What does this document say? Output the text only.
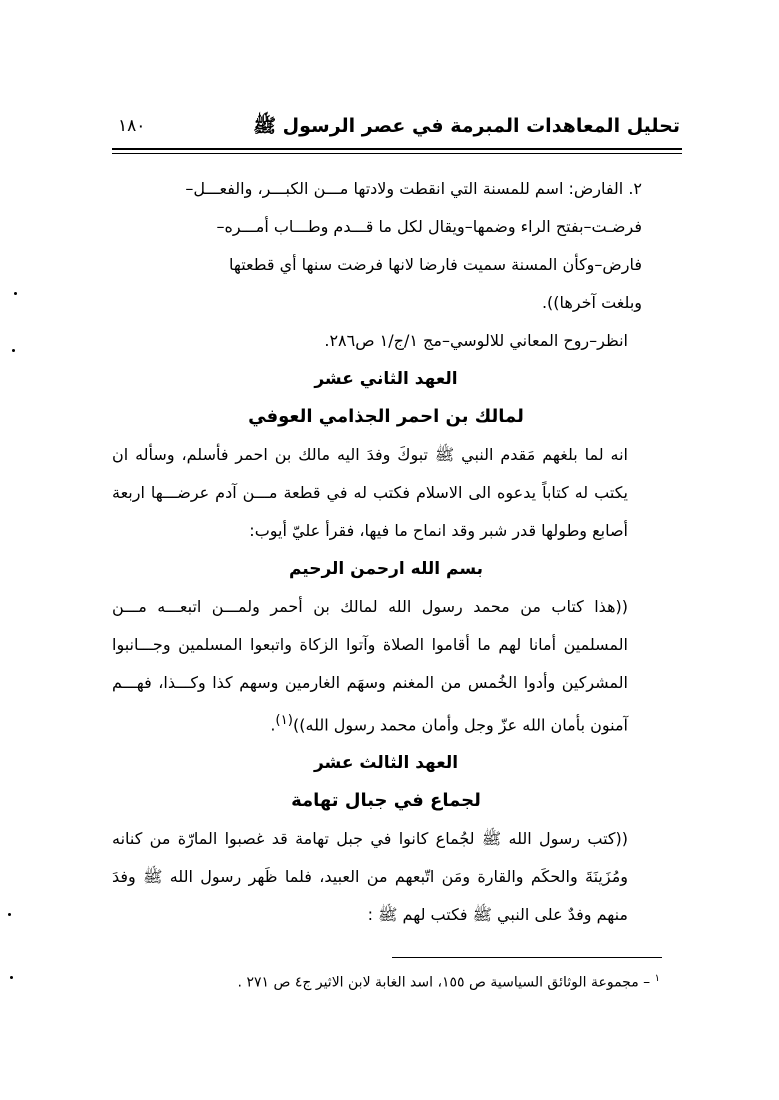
تحليل المعاهدات المبرمة في عصر الرسول ﷺ
١٨٠

٢. الفارض: اسم للمسنة التي انقطت ولادتها مـــن الكبـــر، والفعـــل–

فرضـت–بفتح الراء وضمها–ويقال لكل ما قـــدم وطـــاب أمـــره–

فارض–وكأن المسنة سميت فارضا لانها فرضت سنها أي قطعتها

وبلغت آخرها)).

انظر–روح المعاني للالوسي–مج ١/ج/١ ص٢٨٦.

العهد الثاني عشر

لمالك بن احمر الجذامي العوفي

انه لما بلغهم مَقدم النبي ﷺ تبوكَ وفدَ اليه مالك بن احمر فأسلم، وسأله ان يكتب له كتاباً يدعوه الى الاسلام فكتب له في قطعة مـــن آدم عرضـــها اربعة أصابع وطولها قدر شبر وقد انماح ما فيها، فقرأ عليّ أيوب:

بسم الله ارحمن الرحيم

((هذا كتاب من محمد رسول الله لمالك بن أحمر ولمـــن اتبعـــه مـــن المسلمين أمانا لهم ما أقاموا الصلاة وآتوا الزكاة واتبعوا المسلمين وجـــانبوا المشركين وأدوا الخُمس من المغنم وسهَم الغارمين وسهم كذا وكـــذا، فهـــم آمنون بأمان الله عزّ وجل وأمان محمد رسول الله))$^{(١)}$.

العهد الثالث عشر

لجماع في جبال تهامة

((كتب رسول الله ﷺ لجُماع كانوا في جبل تهامة قد غصبوا المارّة من كنانه ومُزَينَةَ والحكَم والقارة ومَن اتّبعهم من العبيد، فلما ظَهر رسول الله ﷺ وفدَ منهم وفدٌ على النبي ﷺ فكتب لهم ﷺ :

$^١$ – مجموعة الوثائق السياسية ص ١٥٥، اسد الغابة لابن الاثير ج٤ ص ٢٧١ .
